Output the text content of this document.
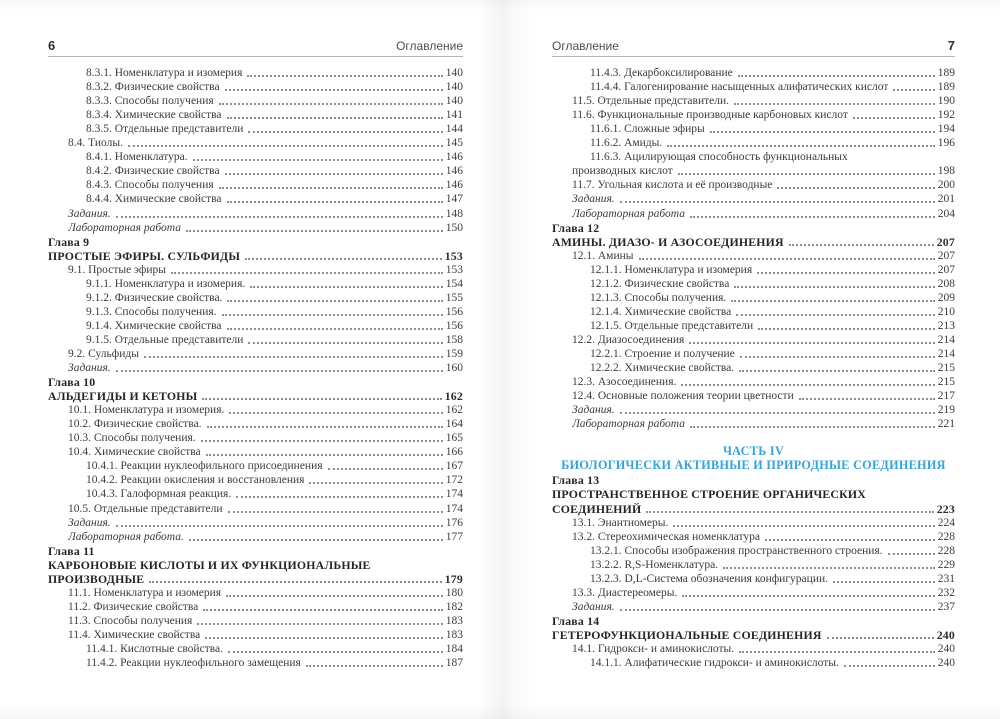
6	Оглавление
8.3.1. Номенклатура и изомерия	140
8.3.2. Физические свойства	140
8.3.3. Способы получения	140
8.3.4. Химические свойства	141
8.3.5. Отдельные представители	144
8.4. Тиолы.	145
8.4.1. Номенклатура.	146
8.4.2. Физические свойства	146
8.4.3. Способы получения	146
8.4.4. Химические свойства	147
Задания.	148
Лабораторная работа	150
Глава 9
ПРОСТЫЕ ЭФИРЫ. СУЛЬФИДЫ	153
9.1. Простые эфиры	153
9.1.1. Номенклатура и изомерия.	154
9.1.2. Физические свойства.	155
9.1.3. Способы получения.	156
9.1.4. Химические свойства	156
9.1.5. Отдельные представители	158
9.2. Сульфиды	159
Задания.	160
Глава 10
АЛЬДЕГИДЫ И КЕТОНЫ	162
10.1. Номенклатура и изомерия.	162
10.2. Физические свойства.	164
10.3. Способы получения.	165
10.4. Химические свойства	166
10.4.1. Реакции нуклеофильного присоединения	167
10.4.2. Реакции окисления и восстановления	172
10.4.3. Галоформная реакция.	174
10.5. Отдельные представители	174
Задания.	176
Лабораторная работа.	177
Глава 11
КАРБОНОВЫЕ КИСЛОТЫ И ИХ ФУНКЦИОНАЛЬНЫЕ
ПРОИЗВОДНЫЕ	179
11.1. Номенклатура и изомерия	180
11.2. Физические свойства	182
11.3. Способы получения	183
11.4. Химические свойства	183
11.4.1. Кислотные свойства.	184
11.4.2. Реакции нуклеофильного замещения	187
Оглавление	7
11.4.3. Декарбоксилирование	189
11.4.4. Галогенирование насыщенных алифатических кислот	189
11.5. Отдельные представители.	190
11.6. Функциональные производные карбоновых кислот	192
11.6.1. Сложные эфиры	194
11.6.2. Амиды.	196
11.6.3. Ацилирующая способность функциональных
производных кислот	198
11.7. Угольная кислота и её производные	200
Задания.	201
Лабораторная работа	204
Глава 12
АМИНЫ. ДИАЗО- И АЗОСОЕДИНЕНИЯ	207
12.1. Амины	207
12.1.1. Номенклатура и изомерия	207
12.1.2. Физические свойства	208
12.1.3. Способы получения.	209
12.1.4. Химические свойства	210
12.1.5. Отдельные представители	213
12.2. Диазосоединения	214
12.2.1. Строение и получение	214
12.2.2. Химические свойства.	215
12.3. Азосоединения.	215
12.4. Основные положения теории цветности	217
Задания.	219
Лабораторная работа	221
ЧАСТЬ IV
БИОЛОГИЧЕСКИ АКТИВНЫЕ И ПРИРОДНЫЕ СОЕДИНЕНИЯ
Глава 13
ПРОСТРАНСТВЕННОЕ СТРОЕНИЕ ОРГАНИЧЕСКИХ
СОЕДИНЕНИЙ	223
13.1. Энантиомеры.	224
13.2. Стереохимическая номенклатура	228
13.2.1. Способы изображения пространственного строения.	228
13.2.2. R,S-Номенклатура.	229
13.2.3. D,L-Система обозначения конфигурации.	231
13.3. Диастереомеры.	232
Задания.	237
Глава 14
ГЕТЕРОФУНКЦИОНАЛЬНЫЕ СОЕДИНЕНИЯ	240
14.1. Гидрокси- и аминокислоты.	240
14.1.1. Алифатические гидрокси- и аминокислоты.	240
